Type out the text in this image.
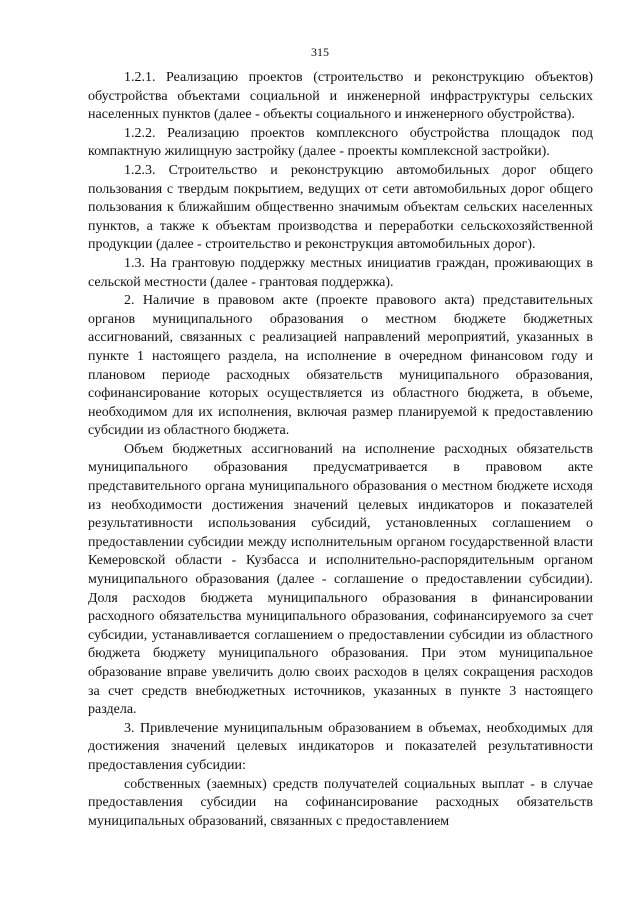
315

1.2.1. Реализацию проектов (строительство и реконструкцию объектов) обустройства объектами социальной и инженерной инфраструктуры сельских населенных пунктов (далее - объекты социального и инженерного обустройства).

1.2.2. Реализацию проектов комплексного обустройства площадок под компактную жилищную застройку (далее - проекты комплексной застройки).

1.2.3. Строительство и реконструкцию автомобильных дорог общего пользования с твердым покрытием, ведущих от сети автомобильных дорог общего пользования к ближайшим общественно значимым объектам сельских населенных пунктов, а также к объектам производства и переработки сельскохозяйственной продукции (далее - строительство и реконструкция автомобильных дорог).

1.3. На грантовую поддержку местных инициатив граждан, проживающих в сельской местности (далее - грантовая поддержка).

2. Наличие в правовом акте (проекте правового акта) представительных органов муниципального образования о местном бюджете бюджетных ассигнований, связанных с реализацией направлений мероприятий, указанных в пункте 1 настоящего раздела, на исполнение в очередном финансовом году и плановом периоде расходных обязательств муниципального образования, софинансирование которых осуществляется из областного бюджета, в объеме, необходимом для их исполнения, включая размер планируемой к предоставлению субсидии из областного бюджета.

Объем бюджетных ассигнований на исполнение расходных обязательств муниципального образования предусматривается в правовом акте представительного органа муниципального образования о местном бюджете исходя из необходимости достижения значений целевых индикаторов и показателей результативности использования субсидий, установленных соглашением о предоставлении субсидии между исполнительным органом государственной власти Кемеровской области - Кузбасса и исполнительно-распорядительным органом муниципального образования (далее - соглашение о предоставлении субсидии). Доля расходов бюджета муниципального образования в финансировании расходного обязательства муниципального образования, софинансируемого за счет субсидии, устанавливается соглашением о предоставлении субсидии из областного бюджета бюджету муниципального образования. При этом муниципальное образование вправе увеличить долю своих расходов в целях сокращения расходов за счет средств внебюджетных источников, указанных в пункте 3 настоящего раздела.

3. Привлечение муниципальным образованием в объемах, необходимых для достижения значений целевых индикаторов и показателей результативности предоставления субсидии:

собственных (заемных) средств получателей социальных выплат - в случае предоставления субсидии на софинансирование расходных обязательств муниципальных образований, связанных с предоставлением
